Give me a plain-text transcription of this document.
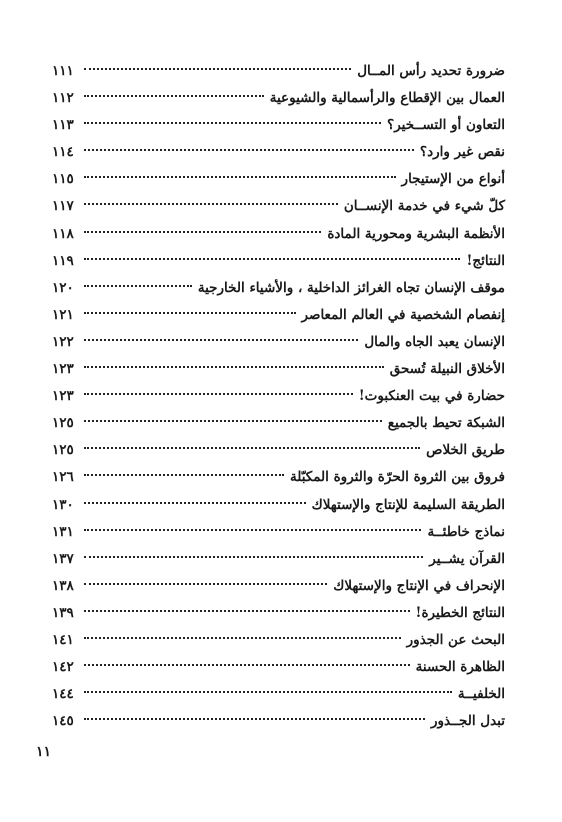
ضرورة تحديد رأس المــال
١١١
العمال بين الإقطاع والرأسمالية والشيوعية
١١٢
التعاون أو التســخير؟
١١٣
نقص غير وارد؟
١١٤
أنواع من الإستيجار
١١٥
كلّ شيء في خدمة الإنســان
١١٧
الأنظمة البشرية ومحورية المادة
١١٨
النتائج!
١١٩
موقف الإنسان تجاه الغرائز الداخلية ، والأشياء الخارجية
١٢٠
إنفصام الشخصية في العالم المعاصر
١٢١
الإنسان يعبد الجاه والمال
١٢٢
الأخلاق النبيلة تُسحق
١٢٣
حضارة في بيت العنكبوت!
١٢٣
الشبكة تحيط بالجميع
١٢٥
طريق الخلاص
١٢٥
فروق بين الثروة الحرّة والثروة المكبّلة
١٢٦
الطريقة السليمة للإنتاج والإستهلاك
١٣٠
نماذج خاطئــة
١٣١
القرآن يشــير
١٣٧
الإنحراف في الإنتاج والإستهلاك
١٣٨
النتائج الخطيرة!
١٣٩
البحث عن الجذور
١٤١
الظاهرة الحسنة
١٤٢
الخلفيــة
١٤٤
تبدل الجــذور
١٤٥
١١
